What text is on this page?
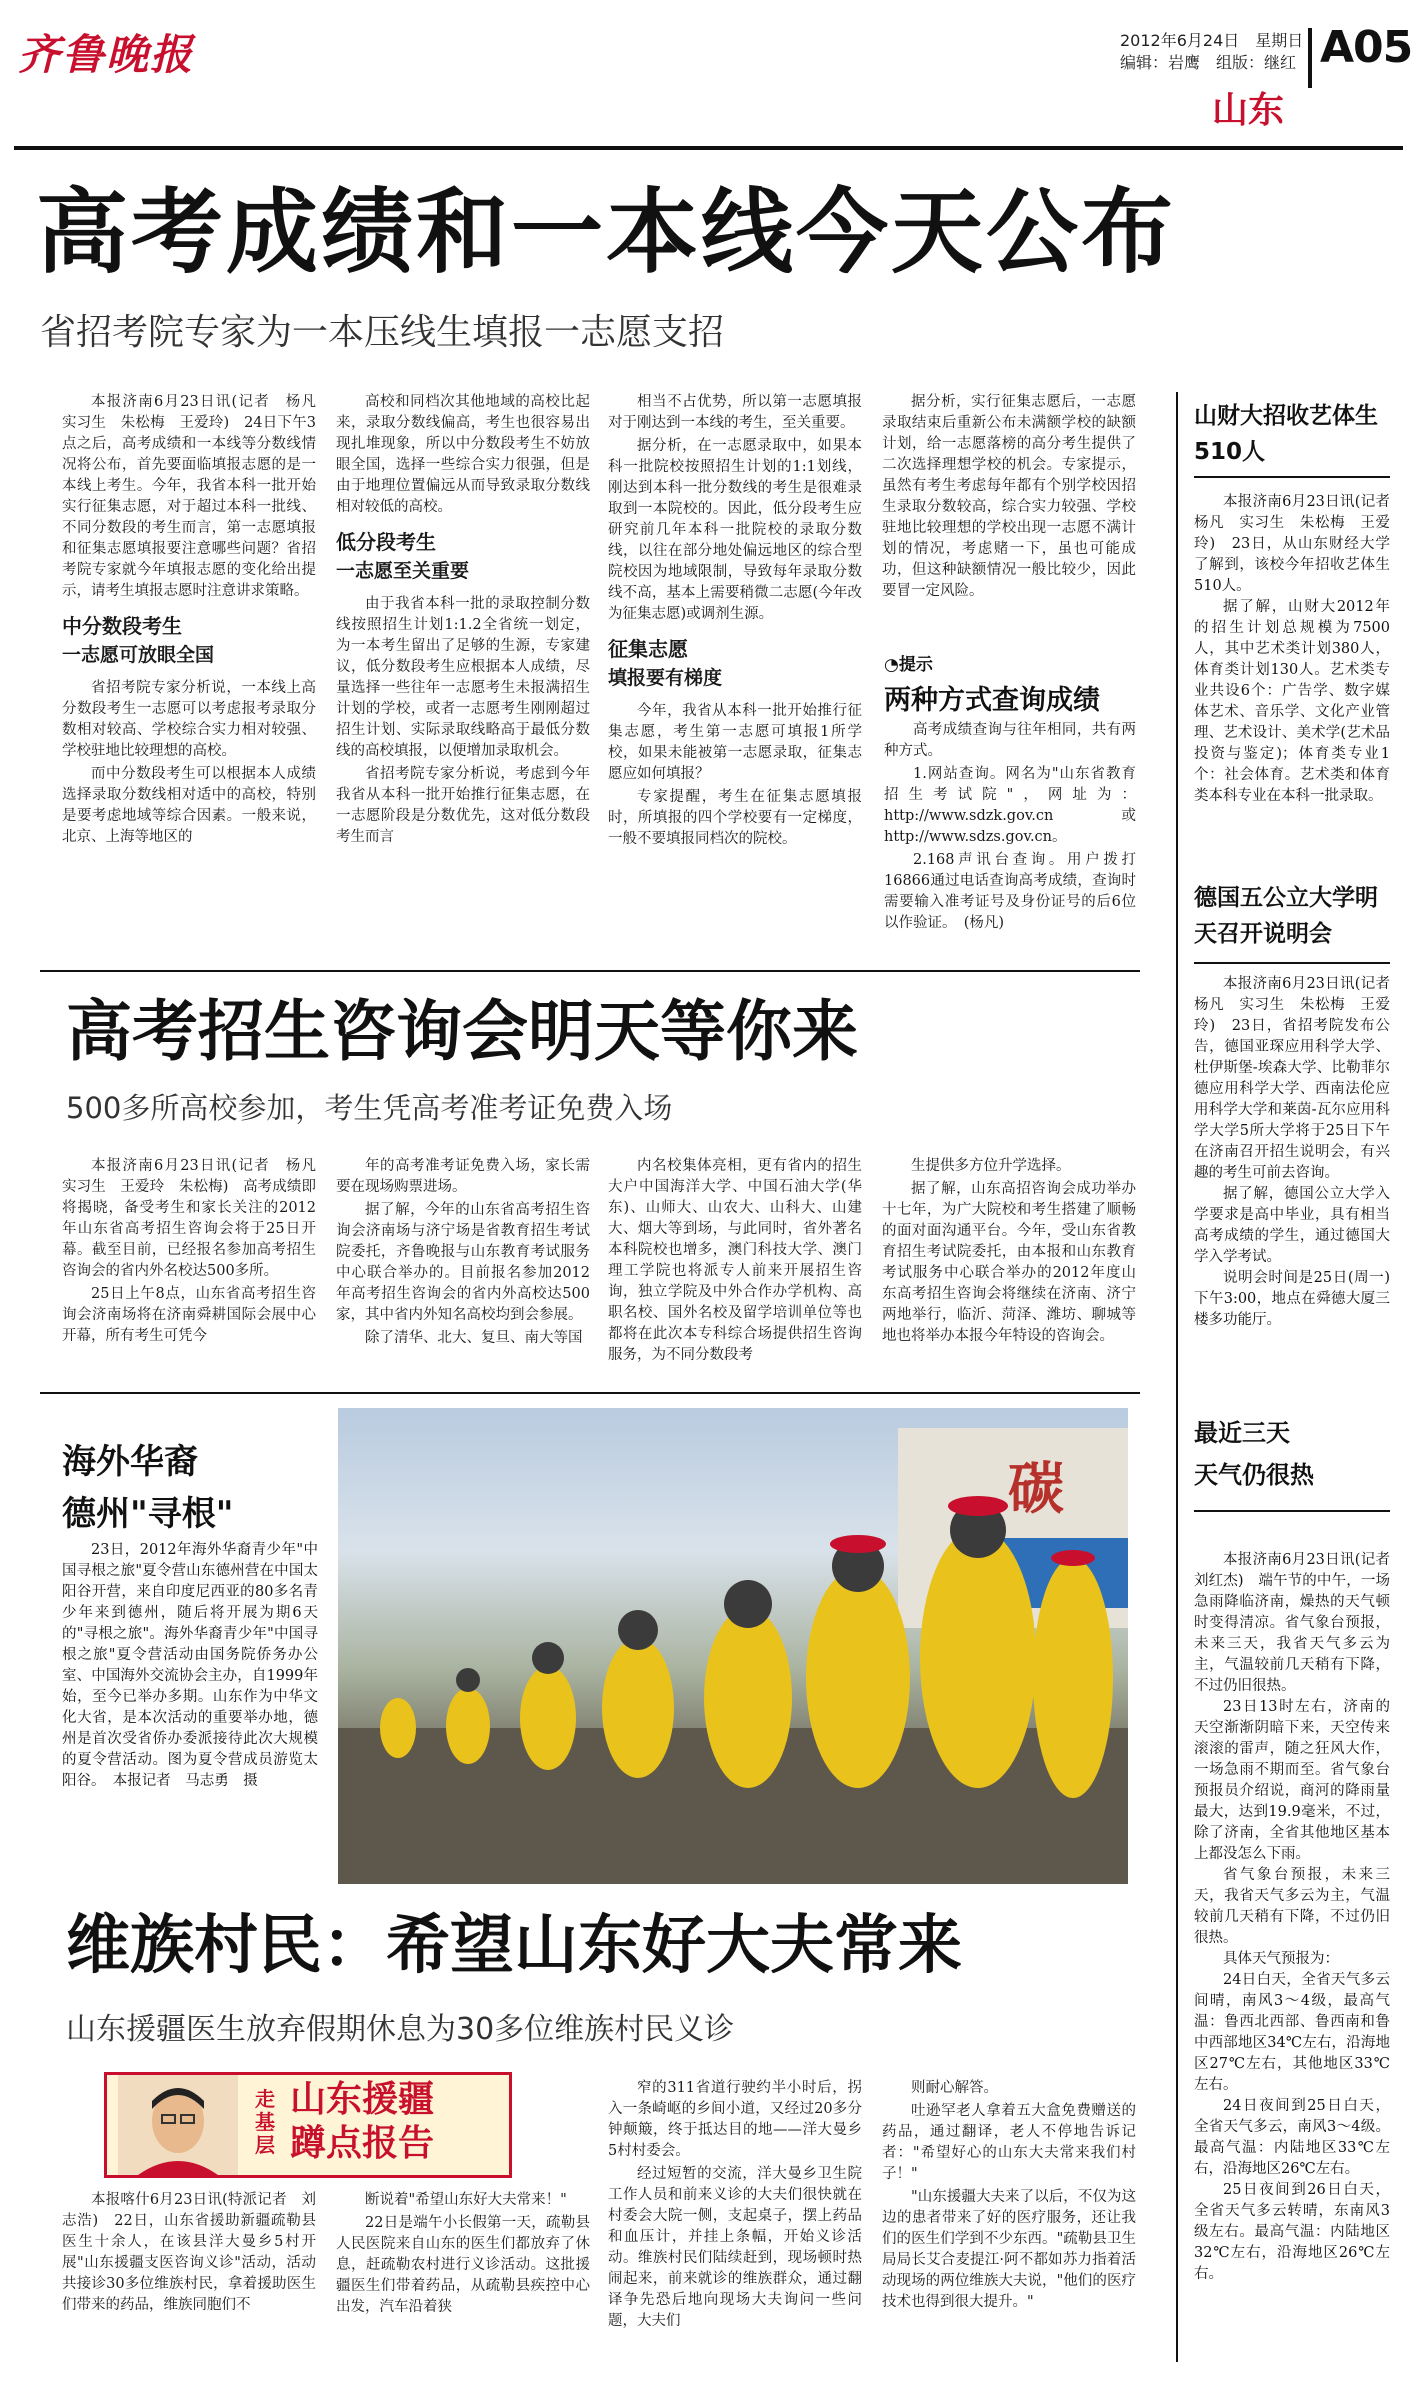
齐鲁晚报	2012年6月24日　星期日
编辑：岩鹰　组版：继红 A05
山东
高考成绩和一本线今天公布
省招考院专家为一本压线生填报一志愿支招

本报济南6月23日讯(记者　杨凡　实习生　朱松梅　王爱玲)　24日下午3点之后，高考成绩和一本线等分数线情况将公布，首先要面临填报志愿的是一本线上考生。今年，我省本科一批开始实行征集志愿，对于超过本科一批线、不同分数段的考生而言，第一志愿填报和征集志愿填报要注意哪些问题？省招考院专家就今年填报志愿的变化给出提示，请考生填报志愿时注意讲求策略。

中分数段考生
一志愿可放眼全国

省招考院专家分析说，一本线上高分数段考生一志愿可以考虑报考录取分数相对较高、学校综合实力相对较强、学校驻地比较理想的高校。

而中分数段考生可以根据本人成绩选择录取分数线相对适中的高校，特别是要考虑地域等综合因素。一般来说，北京、上海等地区的

高校和同档次其他地域的高校比起来，录取分数线偏高，考生也很容易出现扎堆现象，所以中分数段考生不妨放眼全国，选择一些综合实力很强，但是由于地理位置偏远从而导致录取分数线相对较低的高校。

低分段考生
一志愿至关重要

由于我省本科一批的录取控制分数线按照招生计划1:1.2全省统一划定，为一本考生留出了足够的生源，专家建议，低分数段考生应根据本人成绩，尽量选择一些往年一志愿考生未报满招生计划的学校，或者一志愿考生刚刚超过招生计划、实际录取线略高于最低分数线的高校填报，以便增加录取机会。

省招考院专家分析说，考虑到今年我省从本科一批开始推行征集志愿，在一志愿阶段是分数优先，这对低分数段考生而言

相当不占优势，所以第一志愿填报对于刚达到一本线的考生，至关重要。

据分析，在一志愿录取中，如果本科一批院校按照招生计划的1:1划线，刚达到本科一批分数线的考生是很难录取到一本院校的。因此，低分段考生应研究前几年本科一批院校的录取分数线，以往在部分地处偏远地区的综合型院校因为地域限制，导致每年录取分数线不高，基本上需要稍微二志愿(今年改为征集志愿)或调剂生源。

征集志愿
填报要有梯度

今年，我省从本科一批开始推行征集志愿，考生第一志愿可填报1所学校，如果未能被第一志愿录取，征集志愿应如何填报？

专家提醒，考生在征集志愿填报时，所填报的四个学校要有一定梯度，一般不要填报同档次的院校。

据分析，实行征集志愿后，一志愿录取结束后重新公布未满额学校的缺额计划，给一志愿落榜的高分考生提供了二次选择理想学校的机会。专家提示，虽然有考生考虑每年都有个别学校因招生录取分数较高，综合实力较强、学校驻地比较理想的学校出现一志愿不满计划的情况，考虑赌一下，虽也可能成功，但这种缺额情况一般比较少，因此要冒一定风险。

◔提示
两种方式查询成绩

高考成绩查询与往年相同，共有两种方式。

1.网站查询。网名为"山东省教育招生考试院"，网址为：http://www.sdzk.gov.cn或http://www.sdzs.gov.cn。

2.168声讯台查询。用户拨打16866通过电话查询高考成绩，查询时需要输入准考证号及身份证号的后6位以作验证。　(杨凡)

山财大招收艺体生510人

本报济南6月23日讯(记者　杨凡　实习生　朱松梅　王爱玲)　23日，从山东财经大学了解到，该校今年招收艺体生510人。

据了解，山财大2012年的招生计划总规模为7500人，其中艺术类计划380人，体育类计划130人。艺术类专业共设6个：广告学、数字媒体艺术、音乐学、文化产业管理、艺术设计、美术学(艺术品投资与鉴定)；体育类专业1个：社会体育。艺术类和体育类本科专业在本科一批录取。

德国五公立大学明天召开说明会

本报济南6月23日讯(记者　杨凡　实习生　朱松梅　王爱玲)　23日，省招考院发布公告，德国亚琛应用科学大学、杜伊斯堡-埃森大学、比勒菲尔德应用科学大学、西南法伦应用科学大学和莱茵-瓦尔应用科学大学5所大学将于25日下午在济南召开招生说明会，有兴趣的考生可前去咨询。

据了解，德国公立大学入学要求是高中毕业，具有相当高考成绩的学生，通过德国大学入学考试。

说明会时间是25日(周一)下午3:00，地点在舜德大厦三楼多功能厅。

高考招生咨询会明天等你来
500多所高校参加，考生凭高考准考证免费入场

本报济南6月23日讯(记者　杨凡　实习生　王爱玲　朱松梅)　高考成绩即将揭晓，备受考生和家长关注的2012年山东省高考招生咨询会将于25日开幕。截至目前，已经报名参加高考招生咨询会的省内外名校达500多所。

25日上午8点，山东省高考招生咨询会济南场将在济南舜耕国际会展中心开幕，所有考生可凭今

年的高考准考证免费入场，家长需要在现场购票进场。

据了解，今年的山东省高考招生咨询会济南场与济宁场是省教育招生考试院委托，齐鲁晚报与山东教育考试服务中心联合举办的。目前报名参加2012年高考招生咨询会的省内外高校达500家，其中省内外知名高校均到会参展。

除了清华、北大、复旦、南大等国

内名校集体亮相，更有省内的招生大户中国海洋大学、中国石油大学(华东)、山师大、山农大、山科大、山建大、烟大等到场，与此同时，省外著名本科院校也增多，澳门科技大学、澳门理工学院也将派专人前来开展招生咨询，独立学院及中外合作办学机构、高职名校、国外名校及留学培训单位等也都将在此次本专科综合场提供招生咨询服务，为不同分数段考

生提供多方位升学选择。

据了解，山东高招咨询会成功举办十七年，为广大院校和考生搭建了顺畅的面对面沟通平台。今年，受山东省教育招生考试院委托，由本报和山东教育考试服务中心联合举办的2012年度山东高考招生咨询会将继续在济南、济宁两地举行，临沂、菏泽、潍坊、聊城等地也将举办本报今年特设的咨询会。

海外华裔
德州"寻根"

23日，2012年海外华裔青少年"中国寻根之旅"夏令营山东德州营在中国太阳谷开营，来自印度尼西亚的80多名青少年来到德州，随后将开展为期6天的"寻根之旅"。海外华裔青少年"中国寻根之旅"夏令营活动由国务院侨务办公室、中国海外交流协会主办，自1999年始，至今已举办多期。山东作为中华文化大省，是本次活动的重要举办地，德州是首次受省侨办委派接待此次大规模的夏令营活动。图为夏令营成员游览太阳谷。　本报记者　马志勇　摄

碳
最近三天
天气仍很热

本报济南6月23日讯(记者　刘红杰)　端午节的中午，一场急雨降临济南，燥热的天气顿时变得清凉。省气象台预报，未来三天，我省天气多云为主，气温较前几天稍有下降，不过仍旧很热。

23日13时左右，济南的天空渐渐阴暗下来，天空传来滚滚的雷声，随之狂风大作，一场急雨不期而至。省气象台预报员介绍说，商河的降雨量最大，达到19.9毫米，不过，除了济南，全省其他地区基本上都没怎么下雨。

省气象台预报，未来三天，我省天气多云为主，气温较前几天稍有下降，不过仍旧很热。

具体天气预报为：

24日白天，全省天气多云间晴，南风3～4级，最高气温：鲁西北西部、鲁西南和鲁中西部地区34℃左右，沿海地区27℃左右，其他地区33℃左右。

24日夜间到25日白天，全省天气多云，南风3～4级。最高气温：内陆地区33℃左右，沿海地区26℃左右。

25日夜间到26日白天，全省天气多云转晴，东南风3级左右。最高气温：内陆地区32℃左右，沿海地区26℃左右。

维族村民：希望山东好大夫常来
山东援疆医生放弃假期休息为30多位维族村民义诊
走基层
山东援疆
蹲点报告

本报喀什6月23日讯(特派记者　刘志浩)　22日，山东省援助新疆疏勒县医生十余人，在该县洋大曼乡5村开展"山东援疆支医咨询义诊"活动，活动共接诊30多位维族村民，拿着援助医生们带来的药品，维族同胞们不

断说着"希望山东好大夫常来！"

22日是端午小长假第一天，疏勒县人民医院来自山东的医生们都放弃了休息，赶疏勒农村进行义诊活动。这批援疆医生们带着药品，从疏勒县疾控中心出发，汽车沿着狭

窄的311省道行驶约半小时后，拐入一条崎岖的乡间小道，又经过20多分钟颠簸，终于抵达目的地——洋大曼乡5村村委会。

经过短暂的交流，洋大曼乡卫生院工作人员和前来义诊的大夫们很快就在村委会大院一侧，支起桌子，摆上药品和血压计，并挂上条幅，开始义诊活动。维族村民们陆续赶到，现场顿时热闹起来，前来就诊的维族群众，通过翻译争先恐后地向现场大夫询问一些问题，大夫们

则耐心解答。

吐逊罕老人拿着五大盒免费赠送的药品，通过翻译，老人不停地告诉记者："希望好心的山东大夫常来我们村子！"

"山东援疆大夫来了以后，不仅为这边的患者带来了好的医疗服务，还让我们的医生们学到不少东西。"疏勒县卫生局局长艾合麦提江·阿不都如苏力指着活动现场的两位维族大夫说，"他们的医疗技术也得到很大提升。"
